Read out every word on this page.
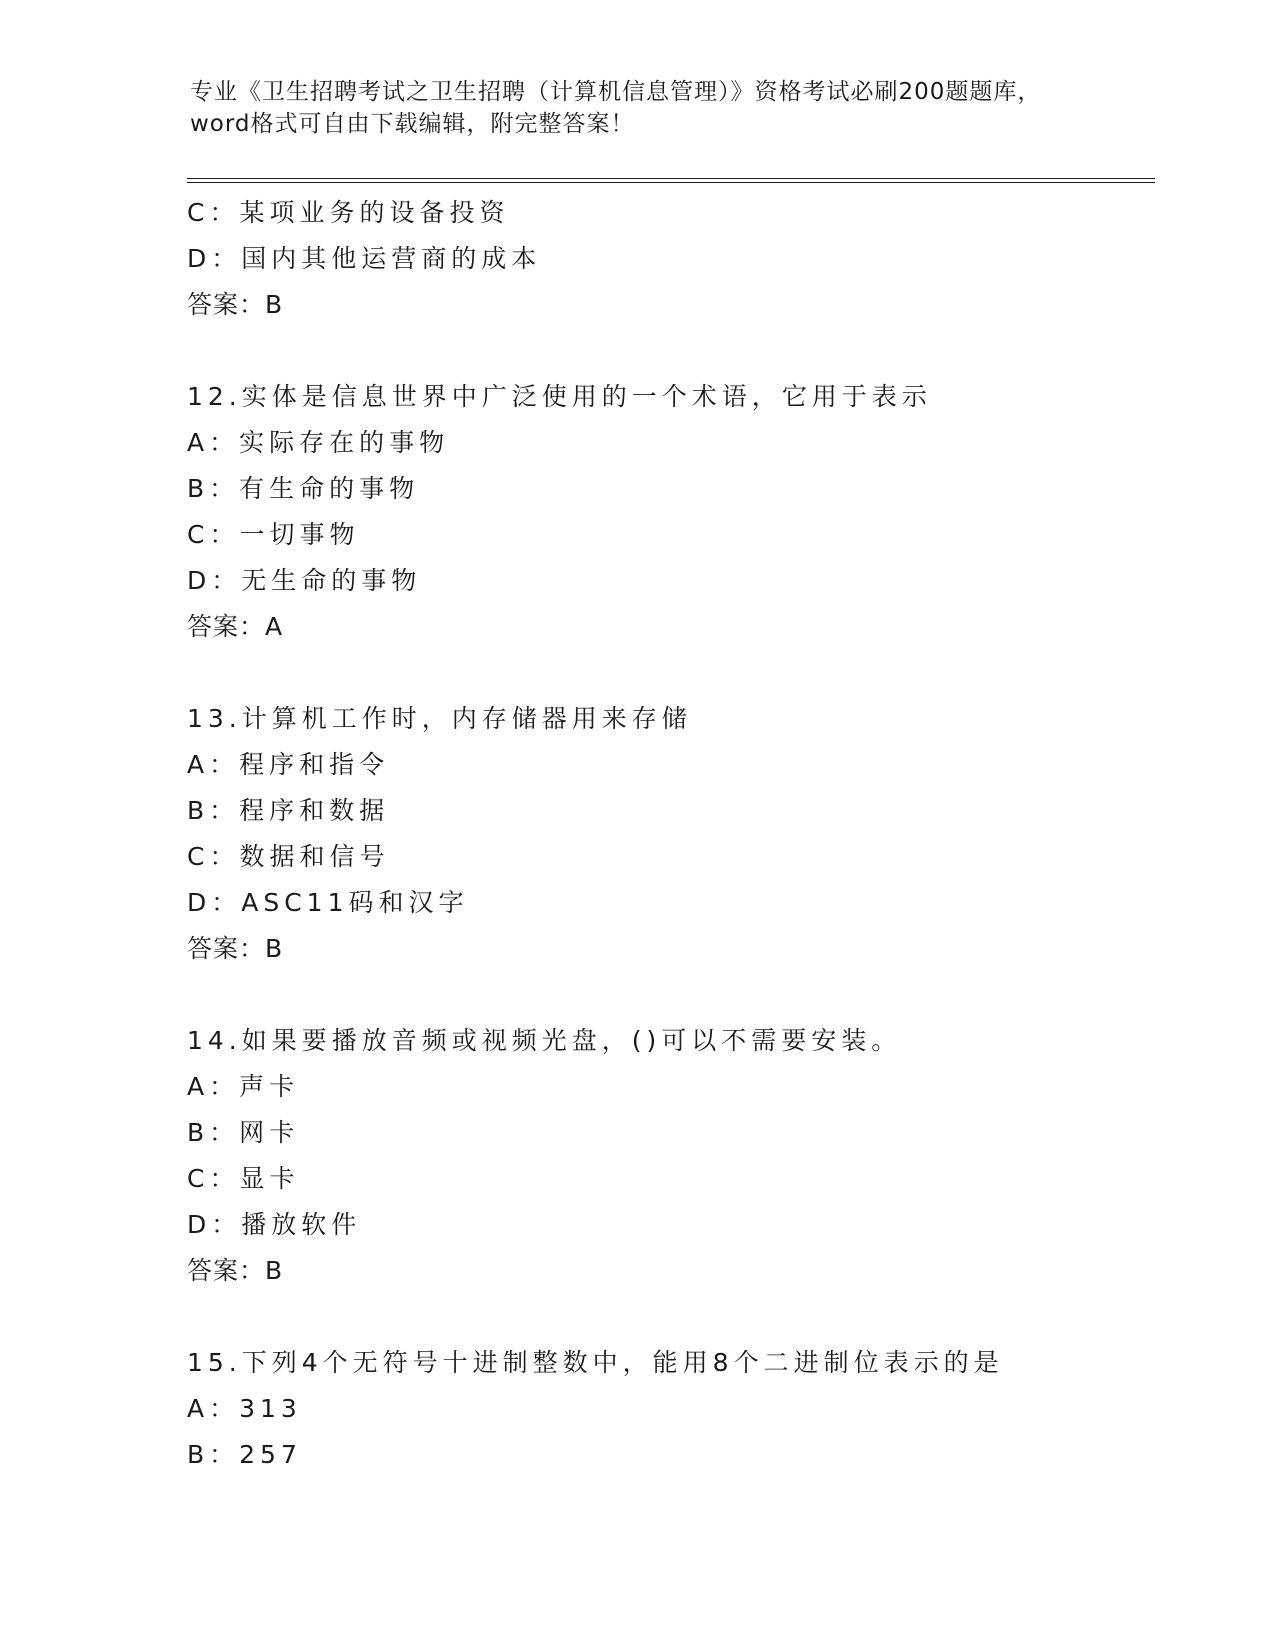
专业《卫生招聘考试之卫生招聘（计算机信息管理）》资格考试必刷200题题库，

word格式可自由下载编辑，附完整答案！

C：某项业务的设备投资
D：国内其他运营商的成本
答案：B
12.实体是信息世界中广泛使用的一个术语，它用于表示
A：实际存在的事物
B：有生命的事物
C：一切事物
D：无生命的事物
答案：A
13.计算机工作时，内存储器用来存储
A：程序和指令
B：程序和数据
C：数据和信号
D：ASC11码和汉字
答案：B
14.如果要播放音频或视频光盘，()可以不需要安装。
A：声卡
B：网卡
C：显卡
D：播放软件
答案：B
15.下列4个无符号十进制整数中，能用8个二进制位表示的是
A：313
B：257
